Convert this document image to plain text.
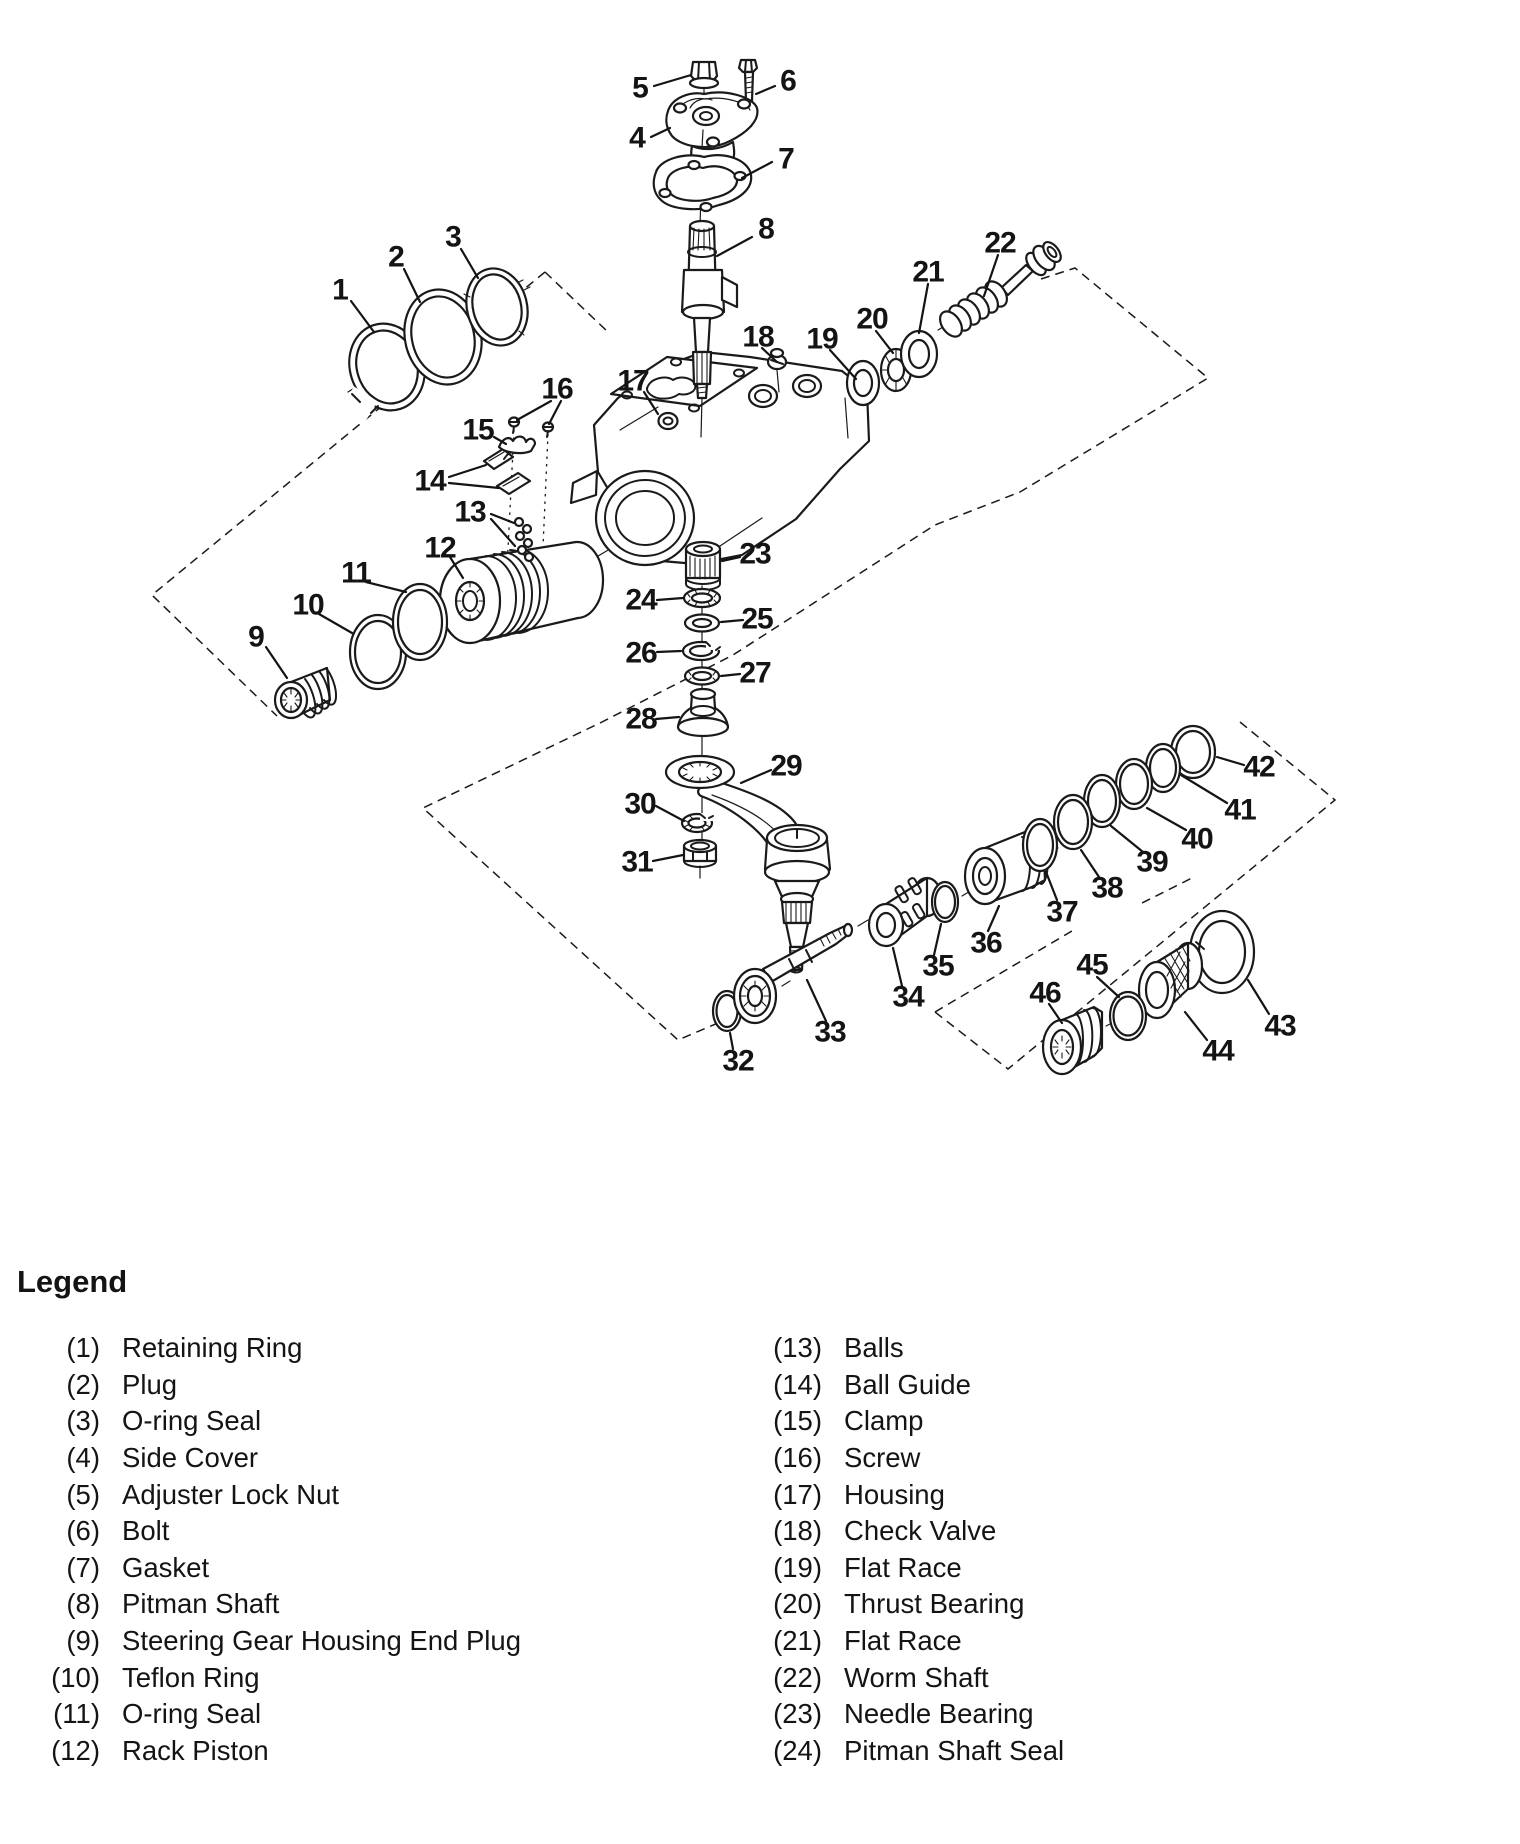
1
2
3
4
5	6
7
8
9
10
11
12
13
14
15
16 17
18 19
20
21
22
23
24
25
26
27
28
29
30
31
32
33
34
35
36
37
38
39
40
41
42
43
44
45
46
Legend
(1) Retaining Ring
(2) Plug
(3) O-ring Seal
(4) Side Cover
(5) Adjuster Lock Nut
(6) Bolt
(7) Gasket
(8) Pitman Shaft
(9) Steering Gear Housing End Plug
(10) Teflon Ring
(11) O-ring Seal
(12) Rack Piston
(13) Balls
(14) Ball Guide
(15) Clamp
(16) Screw
(17) Housing
(18) Check Valve
(19) Flat Race
(20) Thrust Bearing
(21) Flat Race
(22) Worm Shaft
(23) Needle Bearing
(24) Pitman Shaft Seal
